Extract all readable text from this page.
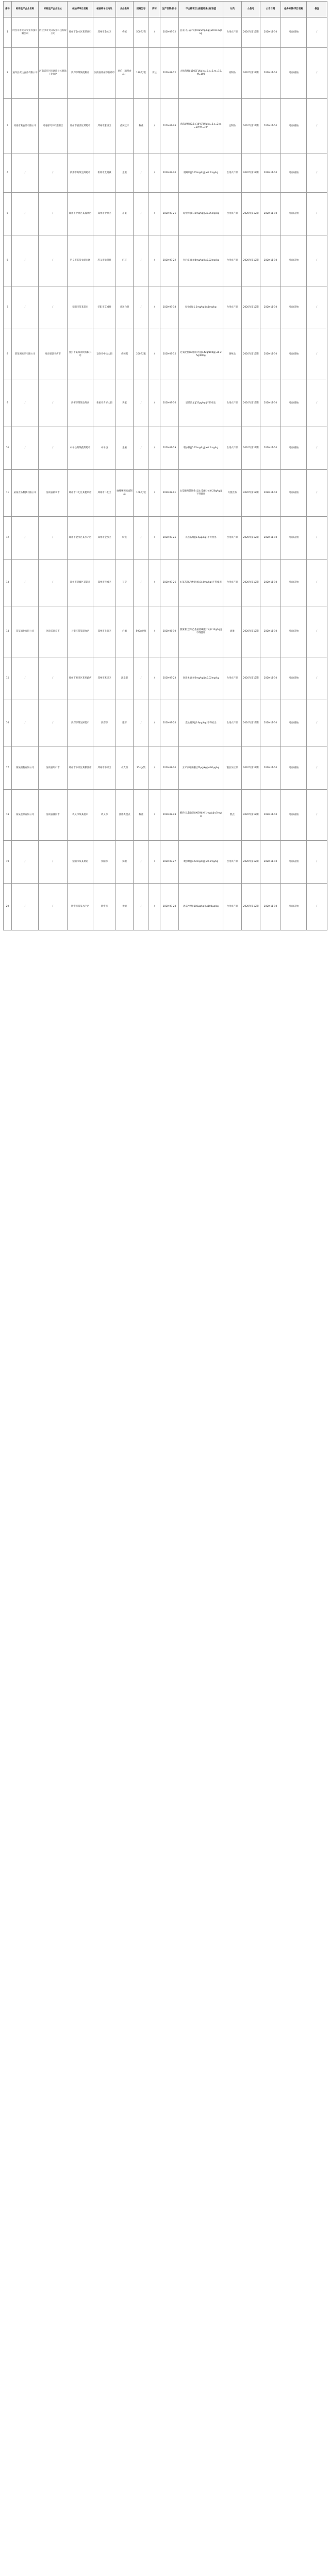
序号	标称生产企业名称	标称生产企业地址	被抽样单位名称	被抽样单位地址	食品名称	规格型号	商标	生产日期/批号	不合格项目||检验结果||标准值	分类	公告号	公告日期	任务来源/项目名称	备注
1	阿拉尔市天田农业科技有限公司	阿拉尔市天田农业科技有限公司	郑州市金水区某某商行	郑州市金水区	枸杞	500克/袋	/	2020-09-12	总汞(以Hg计)||0.025mg/kg||≤0.01mg/kg	食用农产品	2020年第12期	2020-11-10	河南/省抽	/
2	通许县安达食品有限公司	河南省开封市通许县长智镇工业园区	新郑市某某便利店	河南省郑州市新郑市	鸡爪（辐照食品）	180克/袋	安达	2020-08-12	大肠菌群||110CFU/g||n=5,c=2,m=10,M=100	肉制品	2020年第12期	2020-11-10	河南/省抽	/
3	河南省某食品有限公司	河南省周口市淮阳区	郑州市惠济区某超市	郑州市惠济区	香辣豆干	称重	/	2020-09-03	菌落总数||2.1×10⁵CFU/g||n=5,c=2,m=10⁴,M=10⁵	豆制品	2020年第12期	2020-11-10	河南/省抽	/
4	/	/	新郑市某某生鲜超市	新郑市龙湖镇	韭菜	/	/	2020-09-20	腐霉利||0.45mg/kg||≤0.2mg/kg	食用农产品	2020年第12期	2020-11-10	河南/省抽	/
5	/	/	郑州市中原区某蔬菜店	郑州市中原区	芹菜	/	/	2020-09-21	毒死蜱||0.12mg/kg||≤0.05mg/kg	食用农产品	2020年第12期	2020-11-10	河南/省抽	/
6	/	/	巩义市某某农贸市场	巩义市紫荆路	豇豆	/	/	2020-09-22	克百威||0.08mg/kg||≤0.02mg/kg	食用农产品	2020年第12期	2020-11-10	河南/省抽	/
7	/	/	荥阳市某某超市	荥阳市京城路	普通白菜	/	/	2020-09-18	啶虫脒||1.2mg/kg||≤1mg/kg	食用农产品	2020年第12期	2020-11-10	河南/省抽	/
8	某某调味品有限公司	河南省驻马店市	登封市某某商贸有限公司	登封市中岳大街	香辣酱	250克/瓶	/	2020-07-15	过氧化值(以脂肪计)||0.42g/100g||≤0.25g/100g	调味品	2020年第12期	2020-11-10	河南/省抽	/
9	/	/	新密市某某生鲜店	新密市青屏大街	鸡蛋	/	/	2020-09-16	恩诺沙星||32μg/kg||不得检出	食用农产品	2020年第12期	2020-11-10	河南/省抽	/
10	/	/	中牟县某某蔬菜超市	中牟县	生姜	/	/	2020-09-19	噻虫胺||0.35mg/kg||≤0.2mg/kg	食用农产品	2020年第12期	2020-11-10	河南/省抽	/
11	某某食品科技有限公司	河南省新乡市	郑州市二七区某便利店	郑州市二七区	麻辣味调味面制品	106克/袋	/	2020-08-01	山梨酸及其钾盐(以山梨酸计)||0.26g/kg||不得使用	方便食品	2020年第12期	2020-11-10	河南/省抽	/
12	/	/	郑州市金水区某水产店	郑州市金水区	鲈鱼	/	/	2020-09-25	孔雀石绿||3.6μg/kg||不得检出	食用农产品	2020年第12期	2020-11-10	河南/省抽	/
13	/	/	郑州市管城区某超市	郑州市管城区	豆芽	/	/	2020-09-26	4-氯苯氧乙酸钠||0.048mg/kg||不得使用	食用农产品	2020年第12期	2020-11-10	河南/省抽	/
14	某某酒业有限公司	河南省商丘市	上街区某某副食店	郑州市上街区	白酒	500ml/瓶	/	2020-05-10	甜蜜素(以环己基氨基磺酸计)||0.12g/kg||不得使用	酒类	2020年第12期	2020-11-10	河南/省抽	/
15	/	/	郑州市惠济区某果蔬店	郑州市惠济区	油麦菜	/	/	2020-09-23	氧乐果||0.06mg/kg||≤0.02mg/kg	食用农产品	2020年第12期	2020-11-10	河南/省抽	/
16	/	/	新郑市某生鲜超市	新郑市	猪肝	/	/	2020-09-24	克伦特罗||0.9μg/kg||不得检出	食用农产品	2020年第12期	2020-11-10	河南/省抽	/
17	某某面粉有限公司	河南省周口市	郑州市中原区某粮油店	郑州市中原区	小麦粉	25kg/袋	/	2020-08-20	玉米赤霉烯酮||72μg/kg||≤60μg/kg	粮食加工品	2020年第12期	2020-11-10	河南/省抽	/
18	某某食品有限公司	河南省漯河市	巩义市某某超市	巩义市	油炸类糕点	称重	/	2020-08-28	酸价(以脂肪计)(KOH)||6.1mg/g||≤5mg/g	糕点	2020年第12期	2020-11-10	河南/省抽	/
19	/	/	荥阳市某某菜店	荥阳市	辣椒	/	/	2020-09-27	吡虫啉||0.62mg/kg||≤0.5mg/kg	食用农产品	2020年第12期	2020-11-10	河南/省抽	/
20	/	/	新密市某某水产店	新密市	黄鳝	/	/	2020-09-28	恩诺沙星||186μg/kg||≤100μg/kg	食用农产品	2020年第12期	2020-11-10	河南/省抽	/
